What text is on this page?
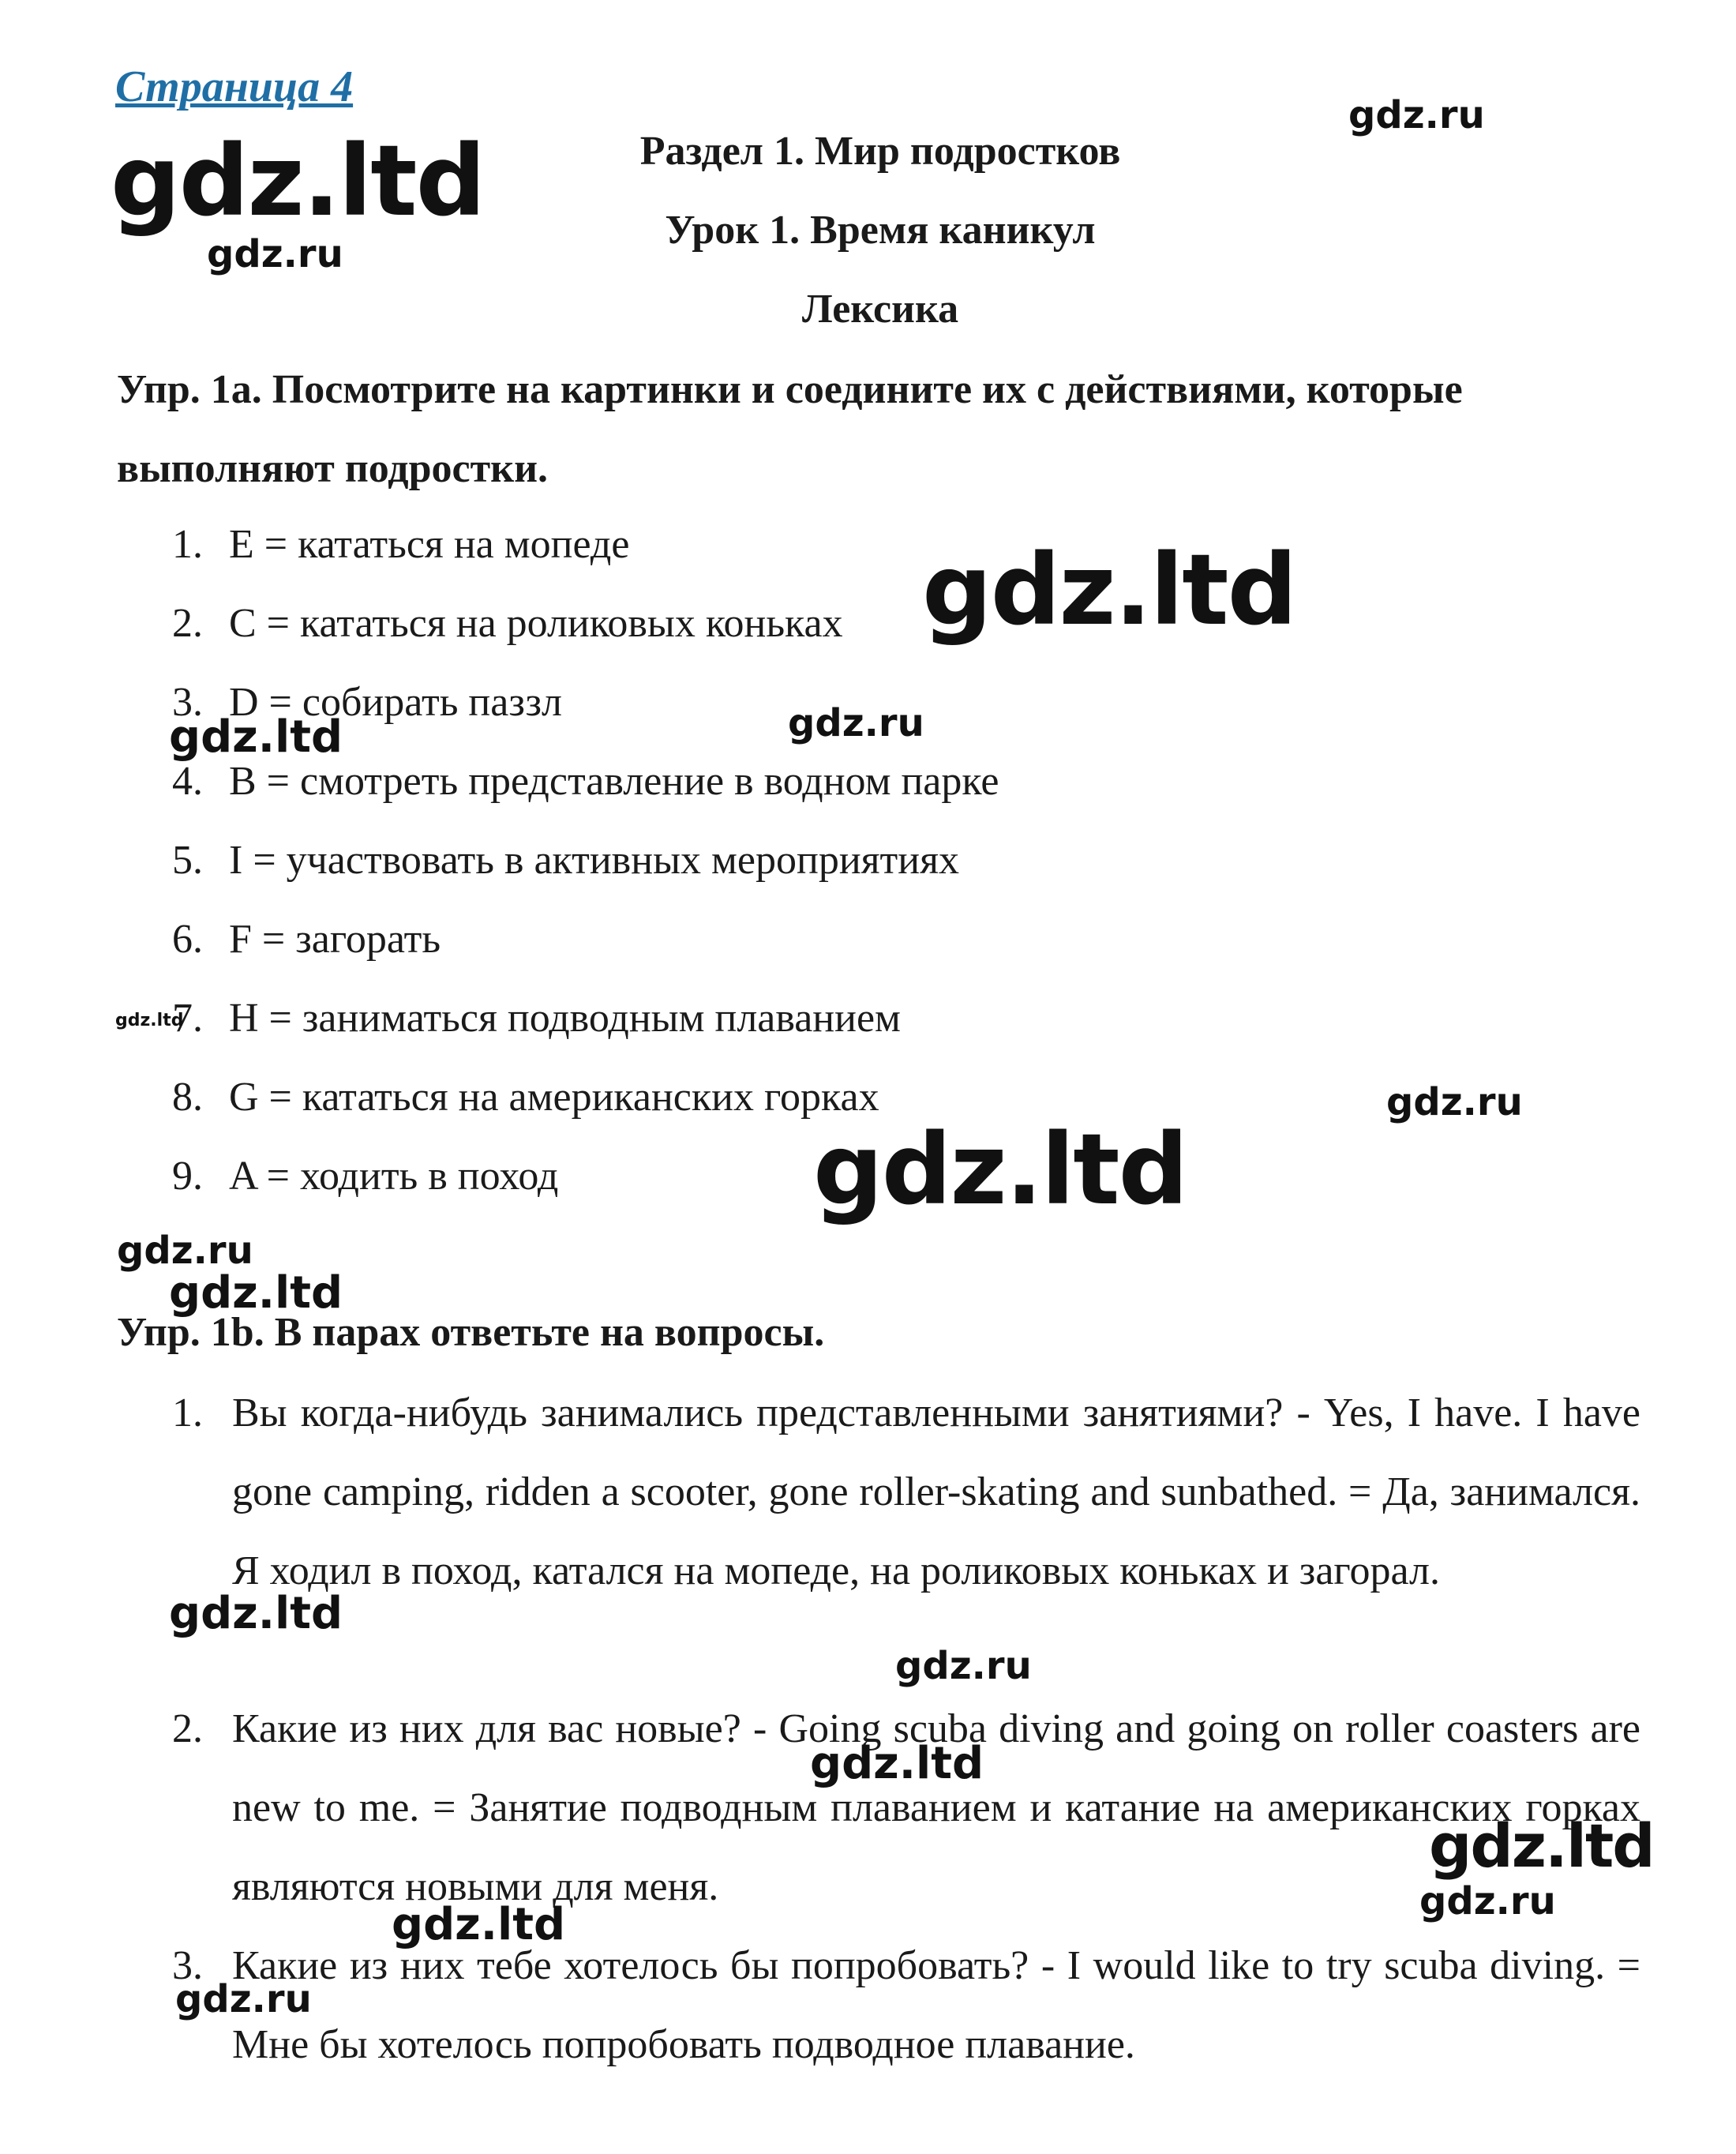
Страница 4
Раздел 1. Мир подростков
Урок 1. Время каникул
Лексика
Упр. 1a. Посмотрите на картинки и соедините их с действиями, которые выполняют подростки.
1. E = кататься на мопеде
2. C = кататься на роликовых коньках
3. D = собирать паззл
4. B = смотреть представление в водном парке
5. I = участвовать в активных мероприятиях
6. F = загорать
7. H = заниматься подводным плаванием
8. G = кататься на американских горках
9. A = ходить в поход
Упр. 1b. В парах ответьте на вопросы.
1. Вы когда-нибудь занимались представленными занятиями? - Yes, I have. I have gone camping, ridden a scooter, gone roller-skating and sunbathed. = Да, занимался. Я ходил в поход, катался на мопеде, на роликовых коньках и загорал.
2. Какие из них для вас новые? - Going scuba diving and going on roller coasters are new to me. = Занятие подводным плаванием и катание на американских горках являются новыми для меня.
3. Какие из них тебе хотелось бы попробовать? - I would like to try scuba diving. = Мне бы хотелось попробовать подводное плавание.
gdz.ltd
gdz.ru
gdz.ru
gdz.ltd
gdz.ltd	gdz.ru
gdz.ltd
gdz.ru
gdz.ltd
gdz.ru
gdz.ltd
gdz.ltd
gdz.ru
gdz.ltd
gdz.ltd
gdz.ru
gdz.ltd
gdz.ru
